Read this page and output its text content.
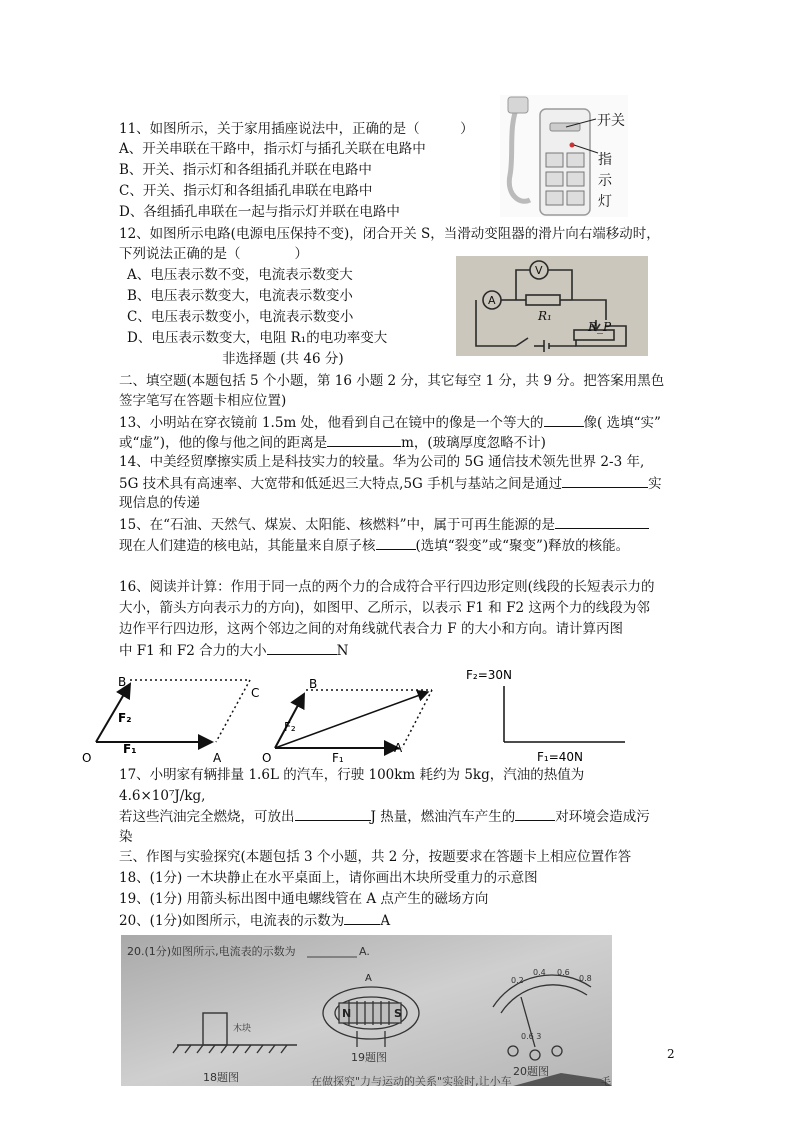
11、如图所示，关于家用插座说法中，正确的是（　　　）
A、开关串联在干路中，指示灯与插孔关联在电路中
B、开关、指示灯和各组插孔并联在电路中
C、开关、指示灯和各组插孔串联在电路中
D、各组插孔串联在一起与指示灯并联在电路中
开关
指
示
灯
12、如图所示电路(电源电压保持不变)，闭合开关 S，当滑动变阻器的滑片向右端移动时，
下列说法正确的是（　　　　）
A、电压表示数不变，电流表示数变大
B、电压表示数变大，电流表示数变小
C、电压表示数变小，电流表示数变小
D、电压表示数变大，电阻 R₁的电功率变大
A
V
R₁
R_P
非选择题 (共 46 分)
二、填空题(本题包括 5 个小题，第 16 小题 2 分，其它每空 1 分，共 9 分。把答案用黑色
签字笔写在答题卡相应位置)
13、小明站在穿衣镜前 1.5m 处，他看到自己在镜中的像是一个等大的	像( 选填“实”
或“虚”)，他的像与他之间的距离是	m，(玻璃厚度忽略不计)
14、中美经贸摩擦实质上是科技实力的较量。华为公司的 5G 通信技术领先世界 2-3 年,
5G 技术具有高速率、大宽带和低延迟三大特点,5G 手机与基站之间是通过	实
现信息的传递
15、在“石油、天然气、煤炭、太阳能、核燃料”中，属于可再生能源的是
现在人们建造的核电站，其能量来自原子核	(选填“裂变”或“聚变”)释放的核能。
16、阅读并计算：作用于同一点的两个力的合成符合平行四边形定则(线段的长短表示力的
大小，箭头方向表示力的方向)，如图甲、乙所示，以表示 F1 和 F2 这两个力的线段为邻
边作平行四边形，这两个邻边之间的对角线就代表合力 F 的大小和方向。请计算丙图
中 F1 和 F2 合力的大小	N
B
C
O	A
F₂
F₁
B
O
A
F₂
F₁
F₂=30N
F₁=40N
17、小明家有辆排量 1.6L 的汽车，行驶 100km 耗约为 5kg，汽油的热值为
4.6×10⁷J/kg,
若这些汽油完全燃烧，可放出	J 热量，燃油汽车产生的	对环境会造成污
染
三、作图与实验探究(本题包括 3 个小题，共 2 分，按题要求在答题卡上相应位置作答
18、(1分) 一木块静止在水平桌面上，请你画出木块所受重力的示意图
19、(1分) 用箭头标出图中通电螺线管在 A 点产生的磁场方向
20、(1分)如图所示，电流表的示数为	A
20.(1分)如图所示,电流表的示数为	A.
木块
18题图
N	S
A
19题图
0.2
0.4 0.6
0.8
0.6 3
20题图
在做探究"力与运动的关系"实验时,让小车	毛
2
